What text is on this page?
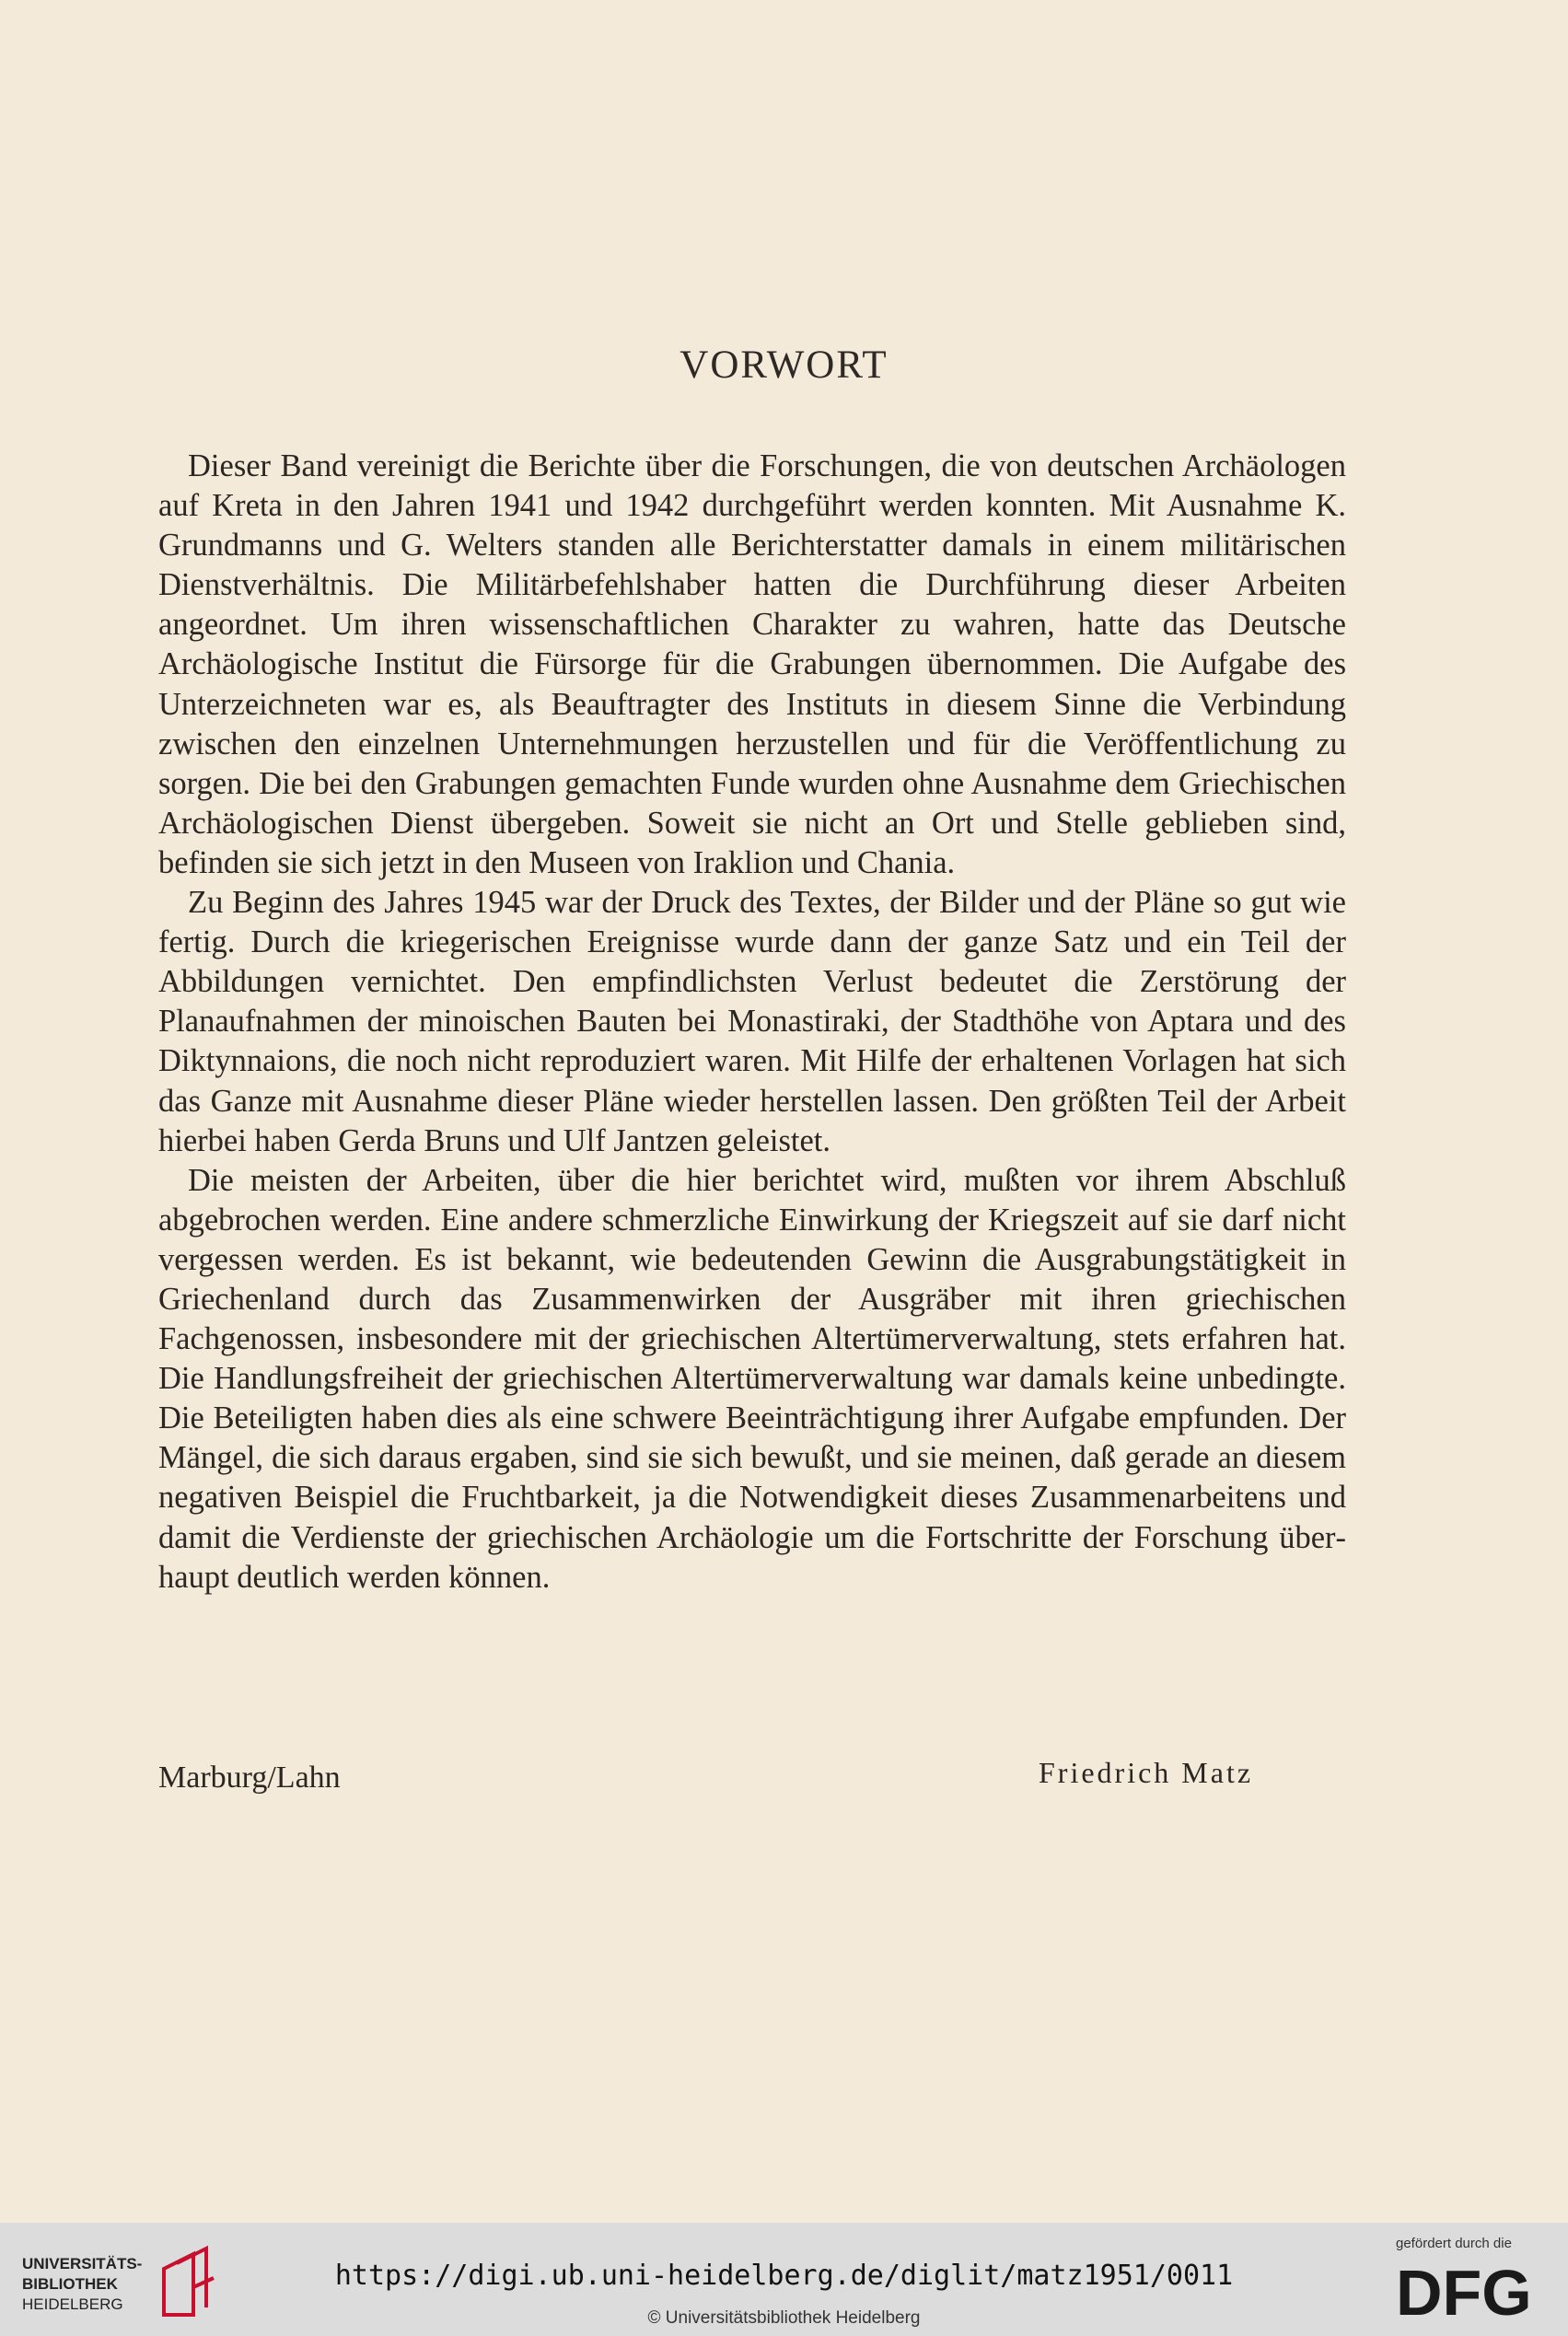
VORWORT

Dieser Band vereinigt die Berichte über die Forschungen, die von deutschen Archäologen auf Kreta in den Jahren 1941 und 1942 durchgeführt werden konnten. Mit Ausnahme K. Grundmanns und G. Welters standen alle Berichterstatter damals in einem militärischen Dienstverhältnis. Die Militärbefehlshaber hatten die Durchführung dieser Arbeiten angeordnet. Um ihren wissenschaftlichen Charakter zu wahren, hatte das Deutsche Archäologische Institut die Fürsorge für die Grabungen übernommen. Die Aufgabe des Unterzeichneten war es, als Beauftragter des Instituts in diesem Sinne die Verbindung zwischen den einzelnen Unternehmungen herzustellen und für die Veröffentlichung zu sorgen. Die bei den Grabungen gemachten Funde wurden ohne Ausnahme dem Griechischen Archäologischen Dienst übergeben. Soweit sie nicht an Ort und Stelle geblieben sind, befinden sie sich jetzt in den Museen von Iraklion und Chania.

Zu Beginn des Jahres 1945 war der Druck des Textes, der Bilder und der Pläne so gut wie fertig. Durch die kriegerischen Ereignisse wurde dann der ganze Satz und ein Teil der Abbildungen vernichtet. Den empfindlichsten Verlust bedeutet die Zerstörung der Planaufnahmen der minoischen Bauten bei Monastiraki, der Stadthöhe von Aptara und des Diktynnaions, die noch nicht reproduziert waren. Mit Hilfe der erhaltenen Vorlagen hat sich das Ganze mit Ausnahme dieser Pläne wieder herstellen lassen. Den größten Teil der Arbeit hierbei haben Gerda Bruns und Ulf Jantzen geleistet.

Die meisten der Arbeiten, über die hier berichtet wird, mußten vor ihrem Abschluß abgebrochen werden. Eine andere schmerzliche Einwirkung der Kriegszeit auf sie darf nicht vergessen werden. Es ist bekannt, wie bedeutenden Gewinn die Ausgrabungstätigkeit in Griechenland durch das Zusammenwirken der Ausgräber mit ihren griechischen Fachgenossen, insbesondere mit der griechischen Altertümerverwaltung, stets erfahren hat. Die Handlungsfreiheit der griechischen Altertümerverwaltung war damals keine unbedingte. Die Beteiligten haben dies als eine schwere Beeinträchtigung ihrer Aufgabe empfunden. Der Mängel, die sich daraus ergaben, sind sie sich bewußt, und sie meinen, daß gerade an diesem negativen Beispiel die Fruchtbarkeit, ja die Notwendigkeit dieses Zusammenarbeitens und damit die Verdienste der griechischen Archäologie um die Fortschritte der Forschung überhaupt deutlich werden können.

Marburg/Lahn	Friedrich Matz
UNIVERSITÄTS-
BIBLIOTHEK
HEIDELBERG
https://digi.ub.uni-heidelberg.de/diglit/matz1951/0011
© Universitätsbibliothek Heidelberg
gefördert durch die
DFG
